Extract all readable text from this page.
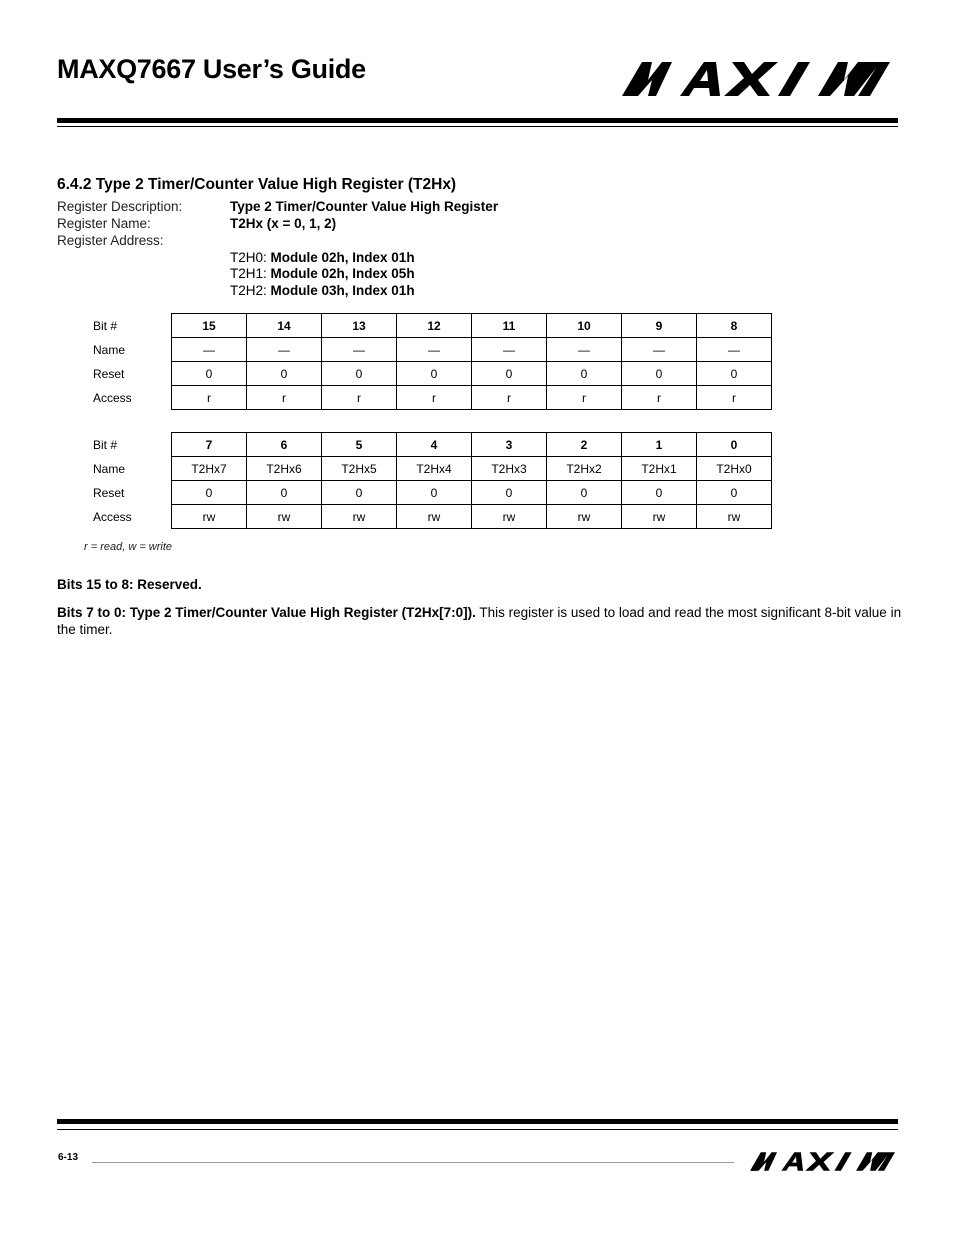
MAXQ7667 User’s Guide
6.4.2 Type 2 Timer/Counter Value High Register (T2Hx)
Register Description:	Type 2 Timer/Counter Value High Register
Register Name:	T2Hx (x = 0, 1, 2)
Register Address:
T2H0: Module 02h, Index 01h
T2H1: Module 02h, Index 05h
T2H2: Module 03h, Index 01h
Bit #	15	14	13	12	11	10	9	8
Name	—	—	—	—	—	—	—	—
Reset	0	0	0	0	0	0	0	0
Access	r	r	r	r	r	r	r	r
Bit #	7	6	5	4	3	2	1	0
Name	T2Hx7	T2Hx6	T2Hx5	T2Hx4	T2Hx3	T2Hx2	T2Hx1	T2Hx0
Reset	0	0	0	0	0	0	0	0
Access	rw	rw	rw	rw	rw	rw	rw	rw
r = read, w = write
Bits 15 to 8: Reserved.
Bits 7 to 0: Type 2 Timer/Counter Value High Register (T2Hx[7:0]). This register is used to load and read the most significant 8-bit value in the timer.
6-13
